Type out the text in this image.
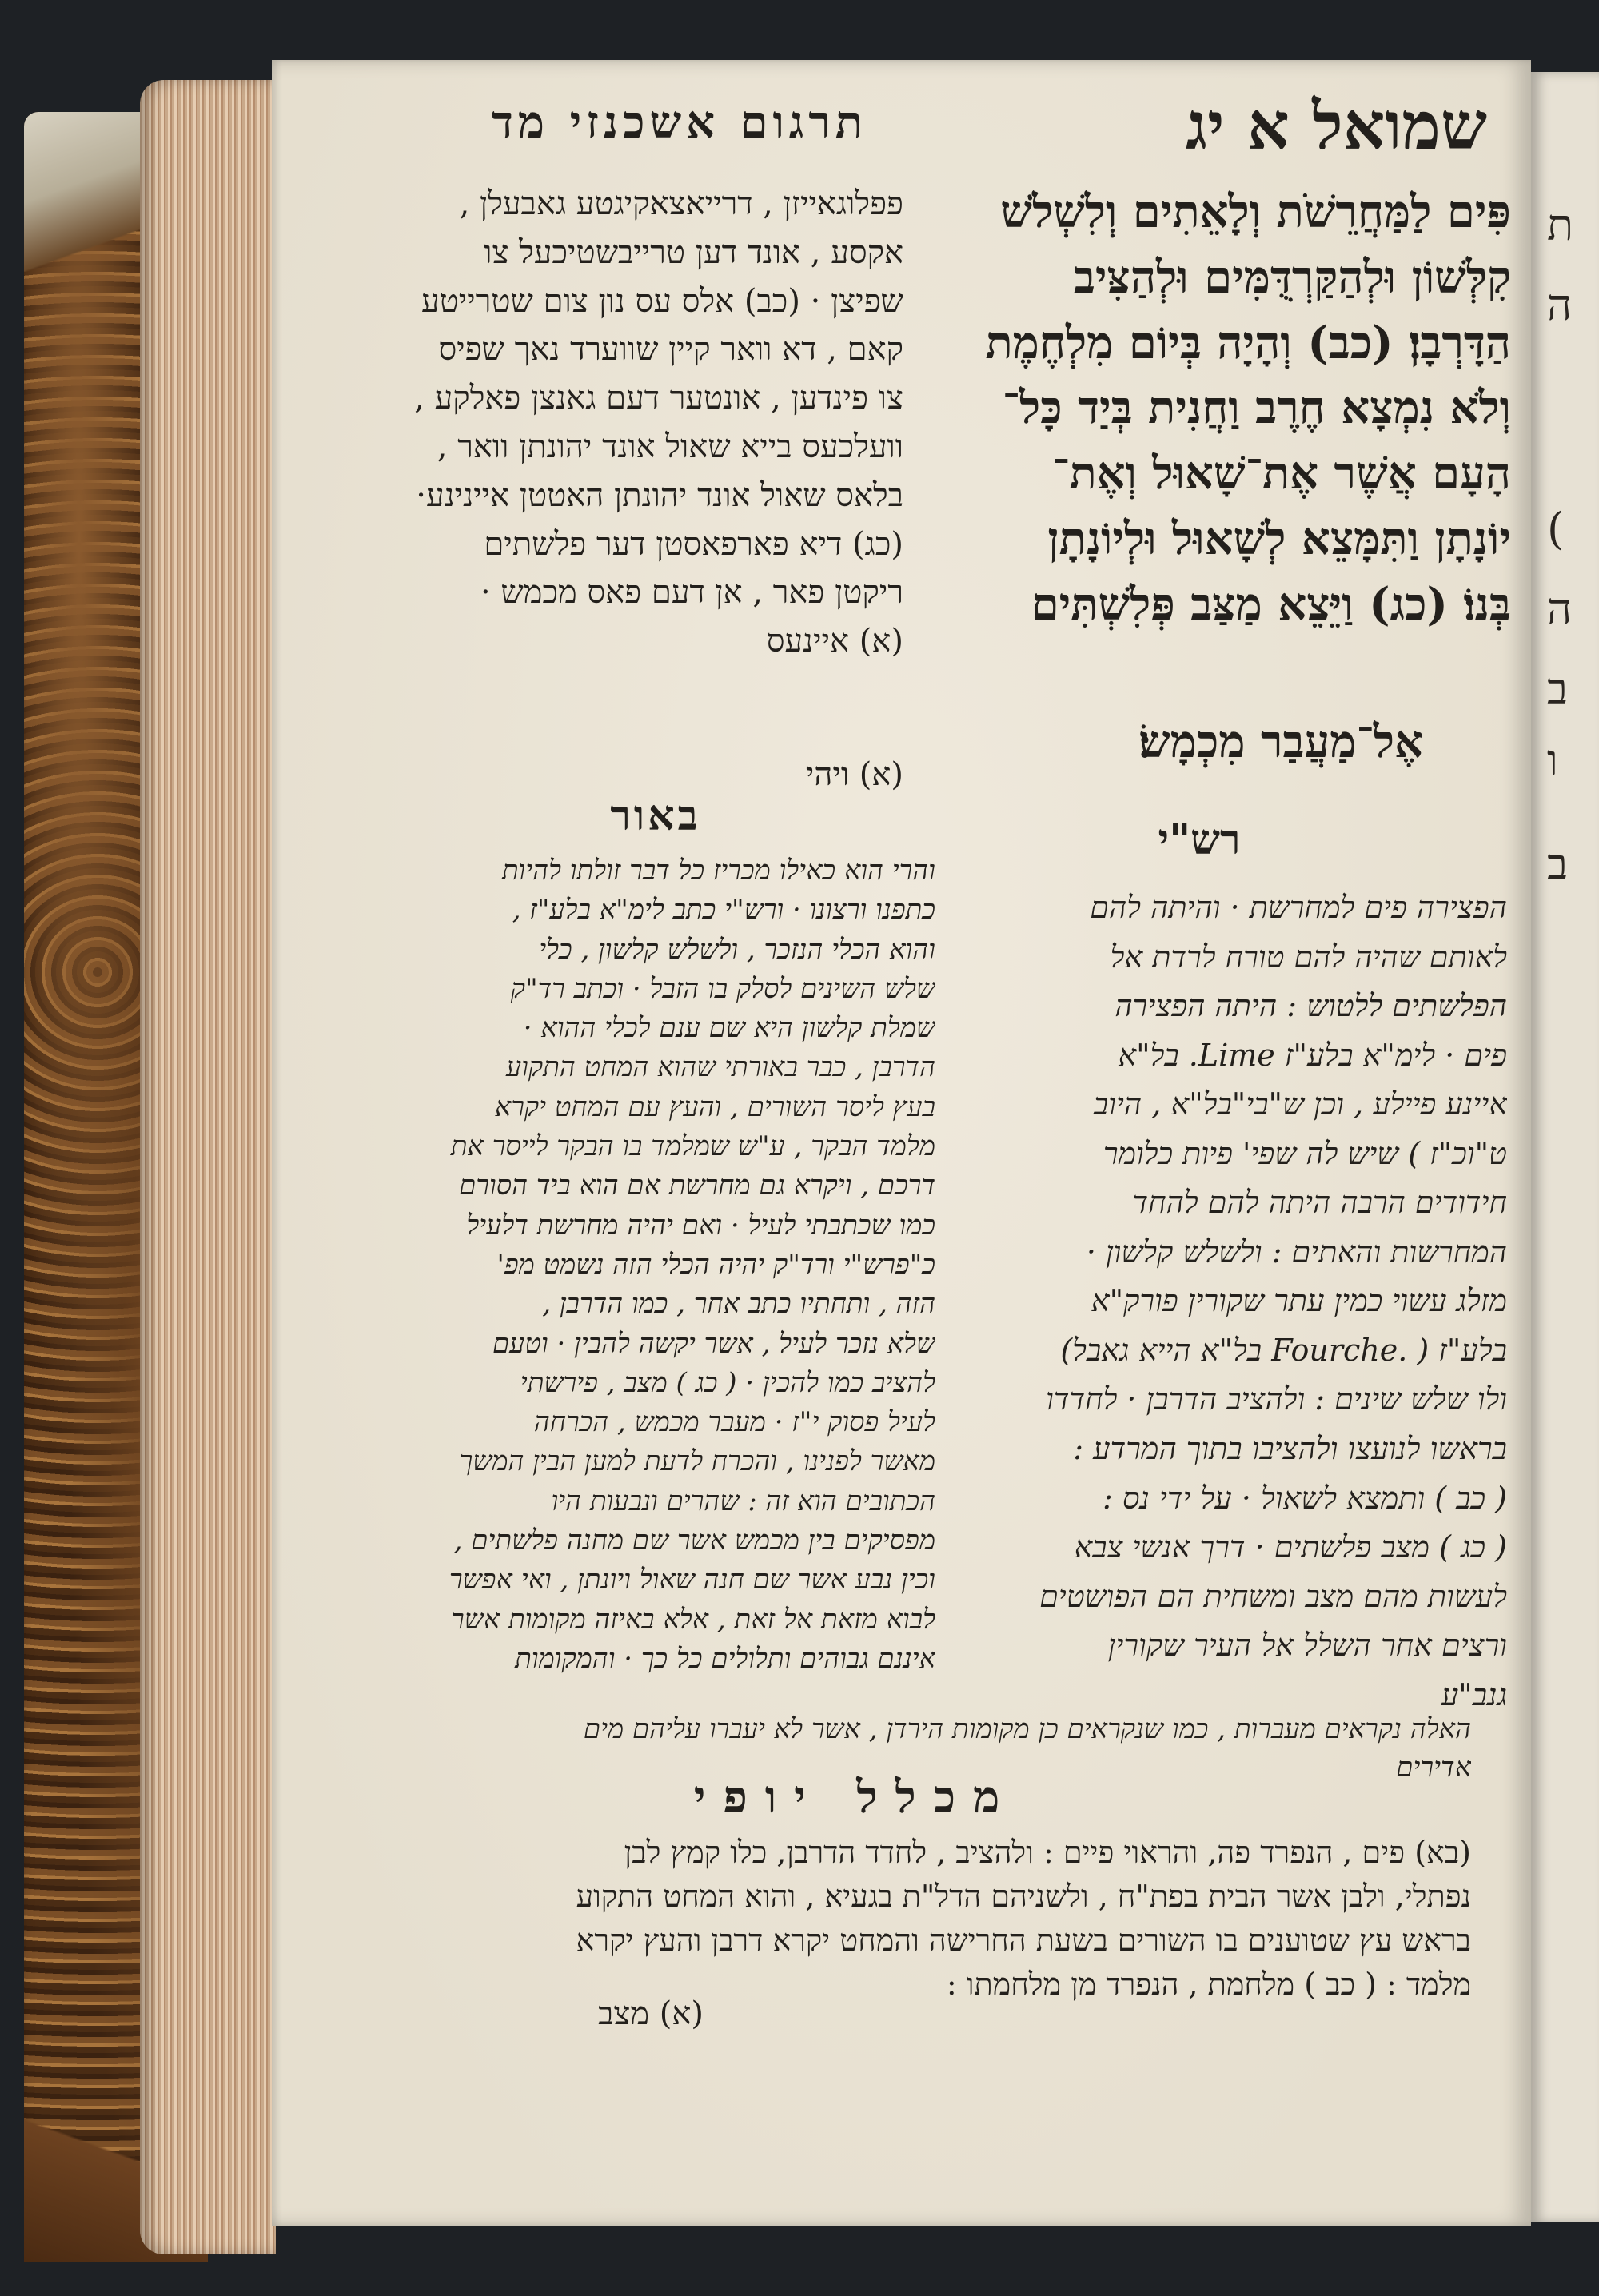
ת
ה
(
ה
ב
ו
ב
תרגום אשכנזי מד	שמואל א יג
פִּים לַמַּחֲרֵשֹׁת וְלָאֵתִים וְלִשְׁלֹשׁ
קִלְּשׁוֹן וּלְהַקַּרְדֻּמִּים וּלְהַצִּיב
הַדָּרְבָן׃ (כב) וְהָיָה בְּיוֹם מִלְחֶמֶת
וְלֹא נִמְצָא חֶרֶב וַחֲנִית בְּיַד כָּל־
הָעָם אֲשֶׁר אֶת־שָׁאוּל וְאֶת־
יוֹנָתָן וַתִּמָּצֵא לְשָׁאוּל וּלְיוֹנָתָן
בְּנוֹ׃ (כג) וַיֵּצֵא מַצַּב פְּלִשְׁתִּים
פפלוגאייזן , דרייאצאקיגטע גאבעלן ,
אקסע , אונד דען טרייבשטיכעל צו
שפיצן · (כב) אלס עס נון צום שטרייטע
קאם , דא וואר קיין שווערד נאך שפיס
צו פינדען , אונטער דעם גאנצן פאלקע ,
וועלכעס בייא שאול אונד יהונתן וואר ,
בלאס שאול אונד יהונתן האטטן איינינע·
(כג) דיא פארפאסטן דער פלשתים
ריקטן פאר , אן דעם פאס מכמש ·
(א) איינעס
אֶל־מַעֲבַר מִכְמָשׂ׃
(א) ויהי
באור	רש"י
והרי הוא כאילו מכריז כל דבר זולתו להיות
כתפנו ורצונו · ורש"י כתב לימ"א בלע"ז ,
והוא הכלי הנזכר , ולשלש קלשון , כלי
שלש השינים לסלק בו הזבל · וכתב רד"ק
שמלת קלשון היא שם ענם לכלי ההוא ·
הדרבן , כבר באורתי שהוא המחט התקוע
בעץ ליסר השורים , והעץ עם המחט יקרא
מלמד הבקר , ע"ש שמלמד בו הבקר לייסר את
דרכם , ויקרא גם מחרשת אם הוא ביד הסורם
כמו שכתבתי לעיל · ואם יהיה מחרשת דלעיל
כ"פרש"י ורד"ק יהיה הכלי הזה נשמט מפ'
הזה , ותחתיו כתב אחר , כמו הדרבן ,
שלא נזכר לעיל , אשר יקשה להבין · וטעם
להציב כמו להכין · ( כג ) מצב , פירשתי
לעיל פסוק י"ז · מעבר מכמש , הכרחה
מאשר לפנינו , והכרח לדעת למען הבין המשך
הכתובים הוא זה : שהרים ונבעות היו
מפסיקים בין מכמש אשר שם מחנה פלשתים ,
וכין נבע אשר שם חנה שאול ויונתן , ואי אפשר
לבוא מזאת אל זאת , אלא באיזה מקומות אשר
איננם גבוהים ותלולים כל כך · והמקומות
הפצירה פים למחרשת · והיתה להם
לאותם שהיה להם טורח לרדת אל
הפלשתים ללטוש : היתה הפצירה
פים · לימ"א בלע"ז Lime. בל"א
איינע פיילע , וכן ש"בי"בל"א , היוב
ט"וכ"ז ) שיש לה שפי' פיות כלומר
חידודים הרבה היתה להם להחד
המחרשות והאתים : ולשלש קלשון ·
מזלג עשוי כמין עתר שקורין פורק"א
בלע"ז ( .Fourche בל"א הייא גאבל)
ולו שלש שינים : ולהציב הדרבן · לחדדו
בראשו לנועצו ולהציבו בתוך המרדע :
( כב ) ותמצא לשאול · על ידי נס :
( כג ) מצב פלשתים · דרך אנשי צבא
לעשות מהם מצב ומשחית הם הפושטים
ורצים אחר השלל אל העיר שקורין
גנב"ע
האלה נקראים מעברות , כמו שנקראים כן מקומות הירדן , אשר לא יעברו עליהם מים
אדירים
מכלל יופי
(בא) פים , הנפרד פה, והראוי פיים : ולהציב , לחדד הדרבן, כלו קמץ לבן
נפתלי, ולבן אשר הבית בפת"ח , ולשניהם הדל"ת בגעיא , והוא המחט התקוע
בראש עץ שטוענים בו השורים בשעת החרישה והמחט יקרא דרבן והעץ יקרא
מלמד : ( כב ) מלחמת , הנפרד מן מלחמתו :
(א) מצב
